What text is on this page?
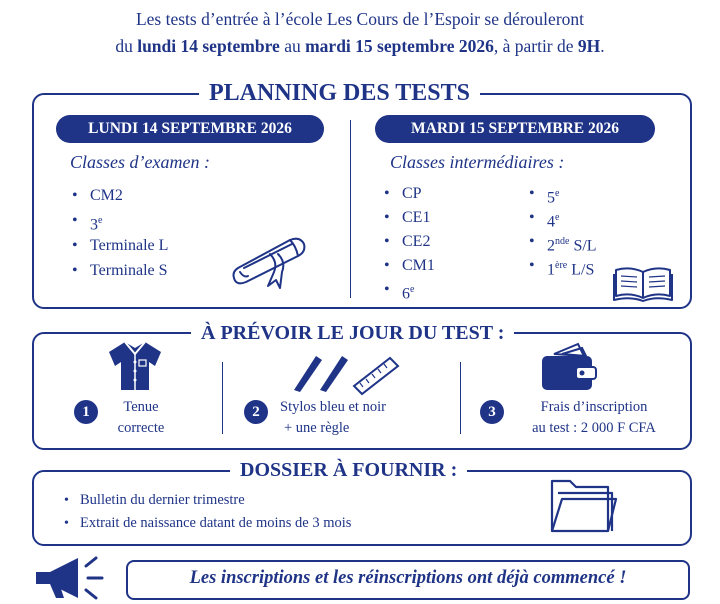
Les tests d’entrée à l’école Les Cours de l’Espoir se dérouleront
du lundi 14 septembre au mardi 15 septembre 2026, à partir de 9H.
PLANNING DES TESTS
LUNDI 14 SEPTEMBRE 2026	MARDI 15 SEPTEMBRE 2026
Classes d’examen :	Classes intermédiaires :
• CM2
• 3e
• Terminale L
• Terminale S
• CP
• CE1
• CE2
• CM1
• 6e
• 5e
• 4e
• 2nde S/L
• 1ère L/S
À PRÉVOIR LE JOUR DU TEST :
1	Tenue
correcte
2	Stylos bleu et noir
+ une règle
3	Frais d’inscription
au test : 2 000 F CFA
DOSSIER À FOURNIR :
• Bulletin du dernier trimestre
• Extrait de naissance datant de moins de 3 mois
Les inscriptions et les réinscriptions ont déjà commencé !
